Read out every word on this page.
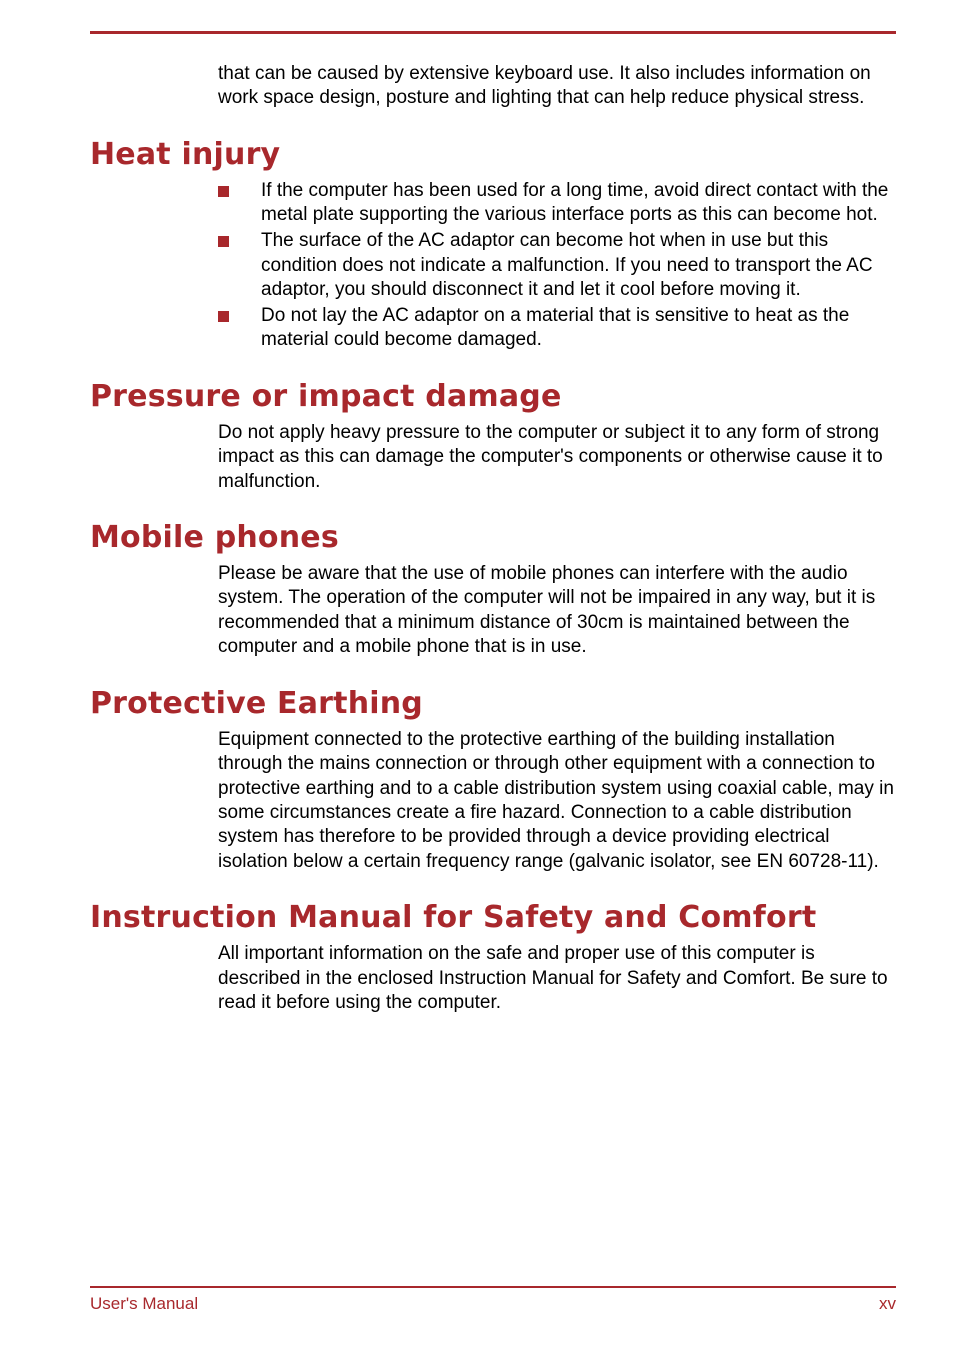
that can be caused by extensive keyboard use. It also includes information on work space design, posture and lighting that can help reduce physical stress.

Heat injury
If the computer has been used for a long time, avoid direct contact with the metal plate supporting the various interface ports as this can become hot.
The surface of the AC adaptor can become hot when in use but this condition does not indicate a malfunction. If you need to transport the AC adaptor, you should disconnect it and let it cool before moving it.
Do not lay the AC adaptor on a material that is sensitive to heat as the material could become damaged.
Pressure or impact damage

Do not apply heavy pressure to the computer or subject it to any form of strong impact as this can damage the computer's components or otherwise cause it to malfunction.

Mobile phones

Please be aware that the use of mobile phones can interfere with the audio system. The operation of the computer will not be impaired in any way, but it is recommended that a minimum distance of 30cm is maintained between the computer and a mobile phone that is in use.

Protective Earthing

Equipment connected to the protective earthing of the building installation through the mains connection or through other equipment with a connection to protective earthing and to a cable distribution system using coaxial cable, may in some circumstances create a fire hazard. Connection to a cable distribution system has therefore to be provided through a device providing electrical isolation below a certain frequency range (galvanic isolator, see EN 60728-11).

Instruction Manual for Safety and Comfort

All important information on the safe and proper use of this computer is described in the enclosed Instruction Manual for Safety and Comfort. Be sure to read it before using the computer.

User's Manual	xv
